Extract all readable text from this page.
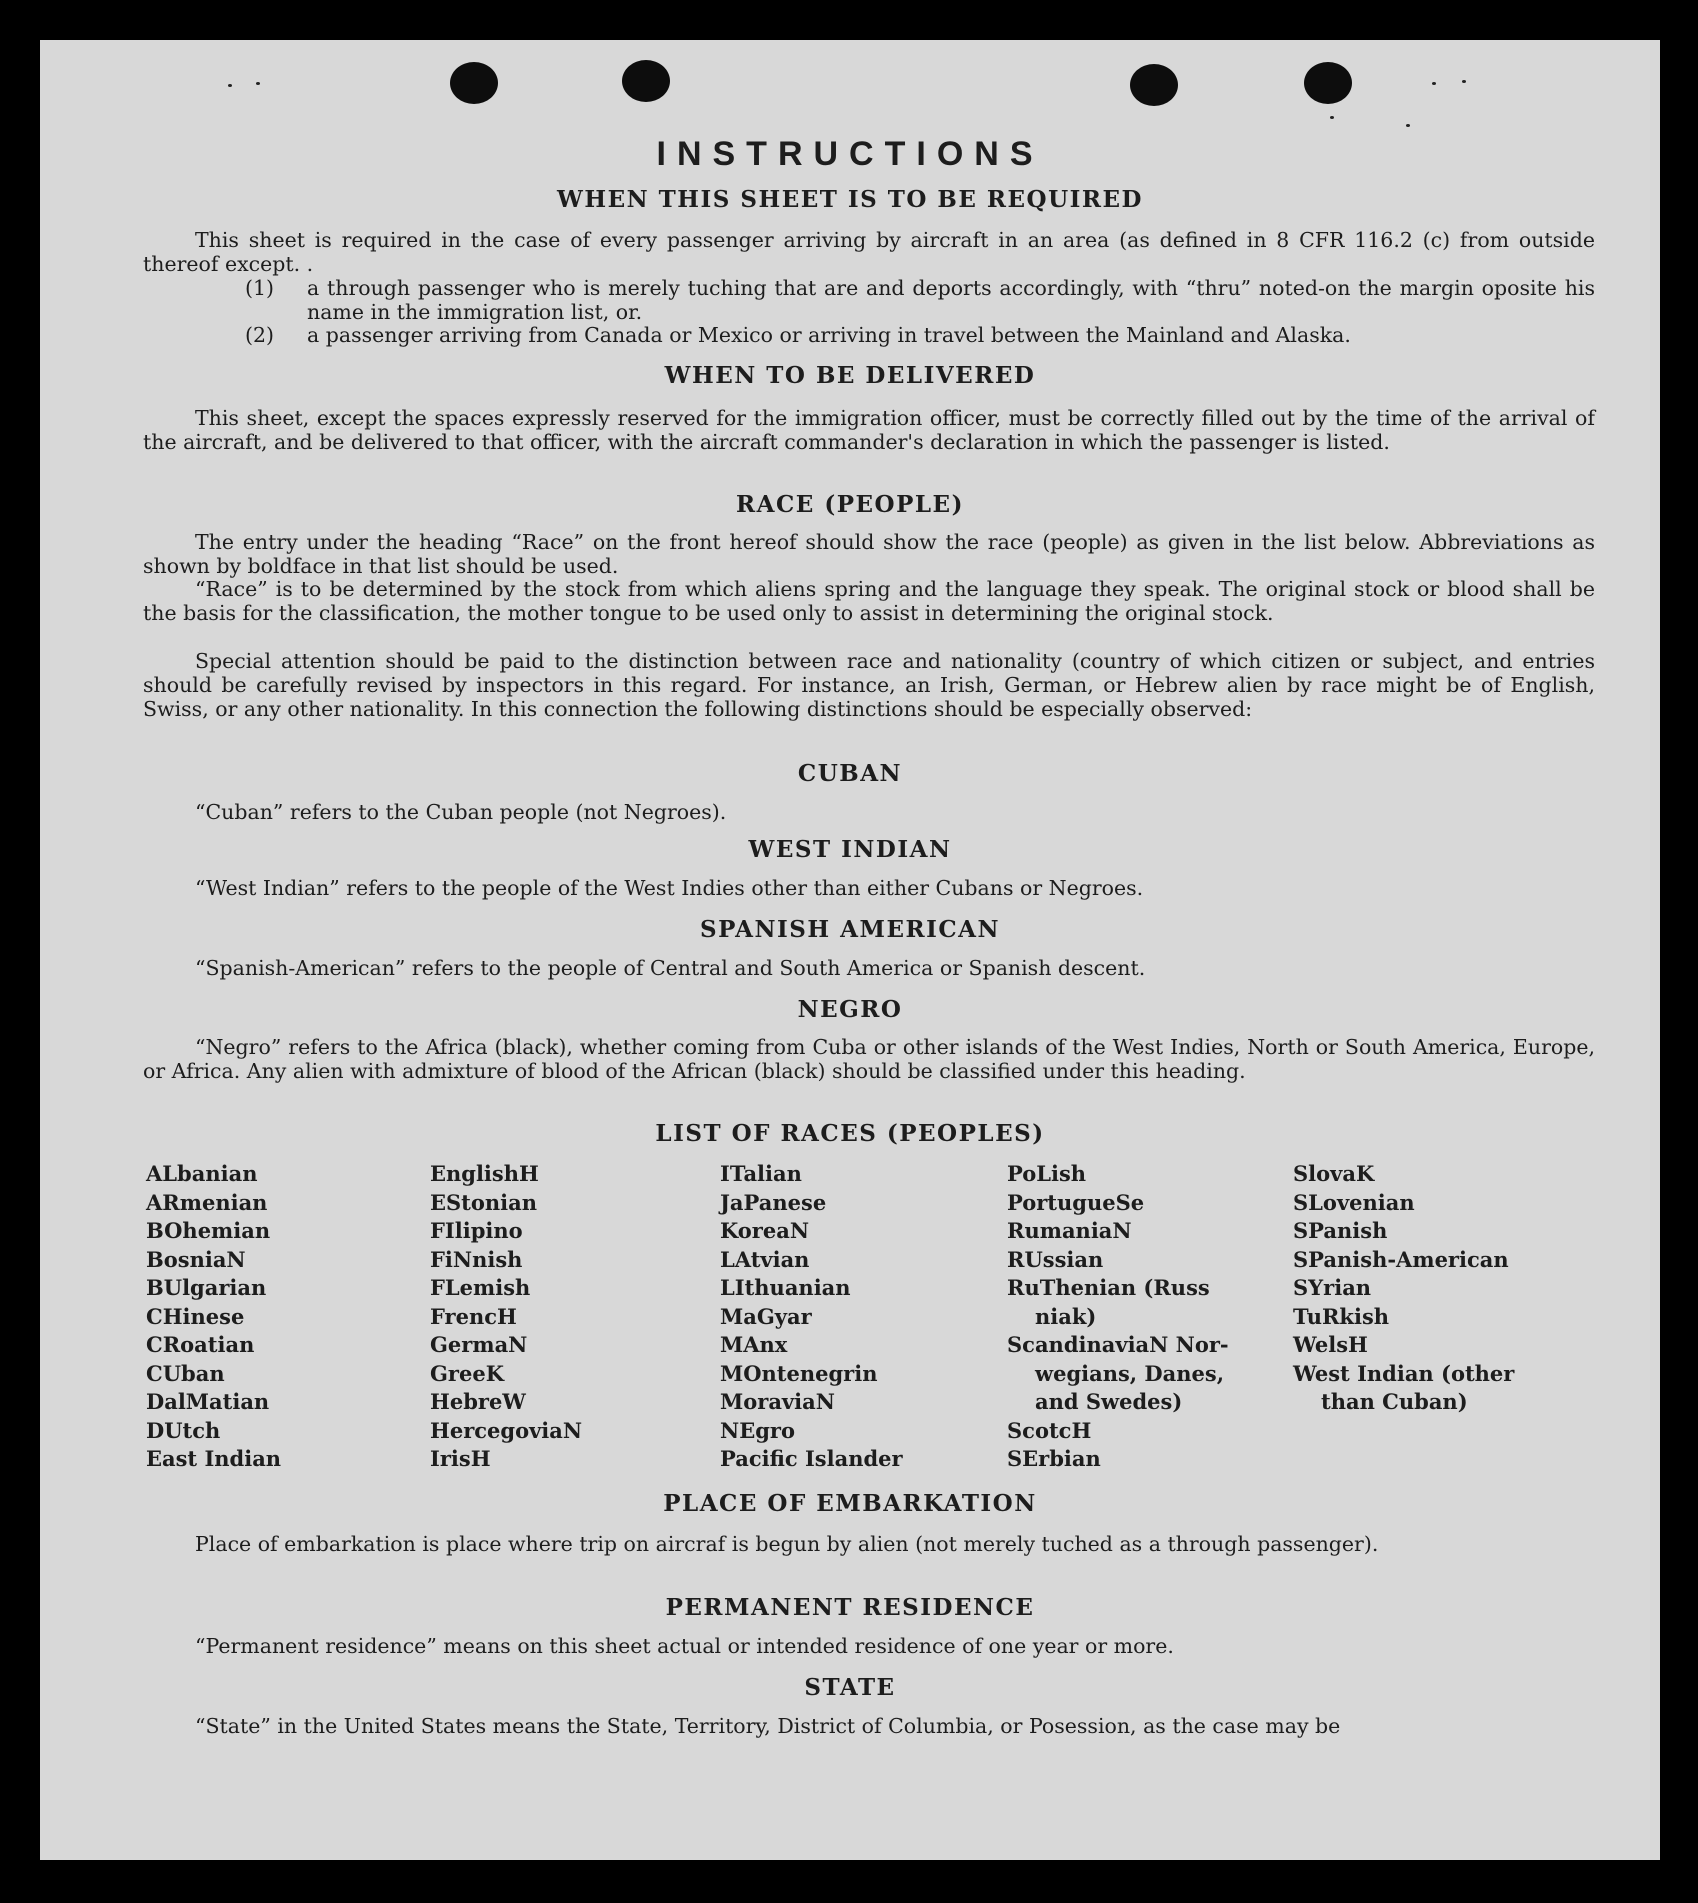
INSTRUCTIONS
WHEN THIS SHEET IS TO BE REQUIRED

This sheet is required in the case of every passenger arriving by aircraft in an area (as defined in 8 CFR 116.2 (c) from outside thereof except. .

(1) a through passenger who is merely tuching that are and deports accordingly, with “thru” noted-on the margin oposite his name in the immigration list, or.
(2) a passenger arriving from Canada or Mexico or arriving in travel between the Mainland and Alaska.
WHEN TO BE DELIVERED

This sheet, except the spaces expressly reserved for the immigration officer, must be correctly filled out by the time of the arrival of the aircraft, and be delivered to that officer, with the aircraft commander's declaration in which the passenger is listed.

RACE (PEOPLE)

The entry under the heading “Race” on the front hereof should show the race (people) as given in the list below. Abbreviations as shown by boldface in that list should be used.

“Race” is to be determined by the stock from which aliens spring and the language they speak. The original stock or blood shall be the basis for the classification, the mother tongue to be used only to assist in determining the original stock.

Special attention should be paid to the distinction between race and nationality (country of which citizen or subject, and entries should be carefully revised by inspectors in this regard. For instance, an Irish, German, or Hebrew alien by race might be of English, Swiss, or any other nationality. In this connection the following distinctions should be especially observed:

CUBAN

“Cuban” refers to the Cuban people (not Negroes).

WEST INDIAN

“West Indian” refers to the people of the West Indies other than either Cubans or Negroes.

SPANISH AMERICAN

“Spanish-American” refers to the people of Central and South America or Spanish descent.

NEGRO

“Negro” refers to the Africa (black), whether coming from Cuba or other islands of the West Indies, North or South America, Europe, or Africa. Any alien with admixture of blood of the African (black) should be classified under this heading.

LIST OF RACES (PEOPLES)
ALbanian
ARmenian
BOhemian
BosniaN
BUlgarian
CHinese
CRoatian
CUban
DalMatian
DUtch
East Indian
EnglishH
EStonian
FIlipino
FiNnish
FLemish
FrencH
GermaN
GreeK
HebreW
HercegoviaN
IrisH
ITalian
JaPanese
KoreaN
LAtvian
LIthuanian
MaGyar
MAnx
MOntenegrin
MoraviaN
NEgro
Pacific Islander
PoLish
PortugueSe
RumaniaN
RUssian
RuThenian (Russ
niak)
ScandinaviaN Nor-
wegians, Danes,
and Swedes)
ScotcH
SErbian
SlovaK
SLovenian
SPanish
SPanish-American
SYrian
TuRkish
WelsH
West Indian (other
than Cuban)
PLACE OF EMBARKATION

Place of embarkation is place where trip on aircraf is begun by alien (not merely tuched as a through passenger).

PERMANENT RESIDENCE

“Permanent residence” means on this sheet actual or intended residence of one year or more.

STATE

“State” in the United States means the State, Territory, District of Columbia, or Posession, as the case may be
